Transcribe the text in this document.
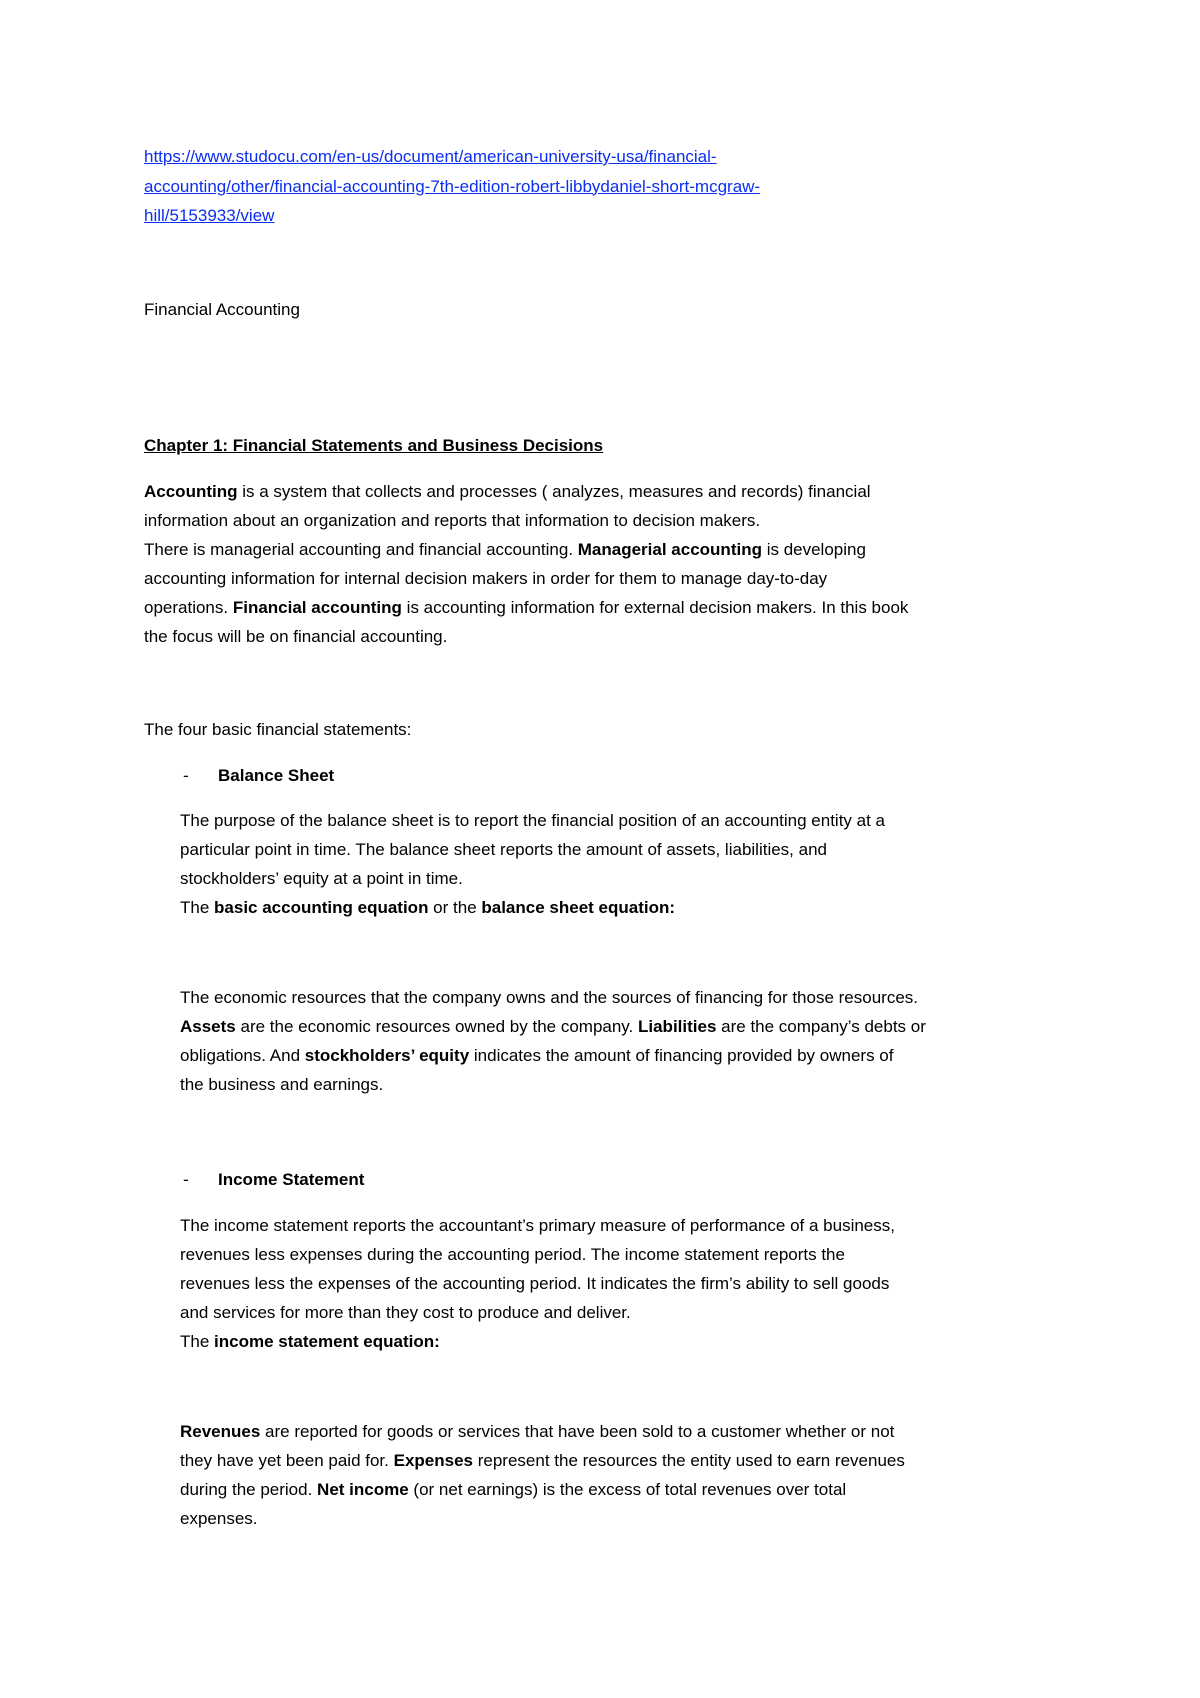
https://www.studocu.com/en-us/document/american-university-usa/financial-
accounting/other/financial-accounting-7th-edition-robert-libbydaniel-short-mcgraw-
hill/5153933/view

Financial Accounting

Chapter 1: Financial Statements and Business Decisions

Accounting is a system that collects and processes ( analyzes, measures and records) financial
information about an organization and reports that information to decision makers.
There is managerial accounting and financial accounting. Managerial accounting is developing
accounting information for internal decision makers in order for them to manage day-to-day
operations. Financial accounting is accounting information for external decision makers. In this book
the focus will be on financial accounting.

The four basic financial statements:

- Balance Sheet

The purpose of the balance sheet is to report the financial position of an accounting entity at a
particular point in time. The balance sheet reports the amount of assets, liabilities, and
stockholders’ equity at a point in time.
The basic accounting equation or the balance sheet equation:

The economic resources that the company owns and the sources of financing for those resources.
Assets are the economic resources owned by the company. Liabilities are the company’s debts or
obligations. And stockholders’ equity indicates the amount of financing provided by owners of
the business and earnings.

- Income Statement

The income statement reports the accountant’s primary measure of performance of a business,
revenues less expenses during the accounting period. The income statement reports the
revenues less the expenses of the accounting period. It indicates the firm’s ability to sell goods
and services for more than they cost to produce and deliver.
The income statement equation:

Revenues are reported for goods or services that have been sold to a customer whether or not
they have yet been paid for. Expenses represent the resources the entity used to earn revenues
during the period. Net income (or net earnings) is the excess of total revenues over total
expenses.
